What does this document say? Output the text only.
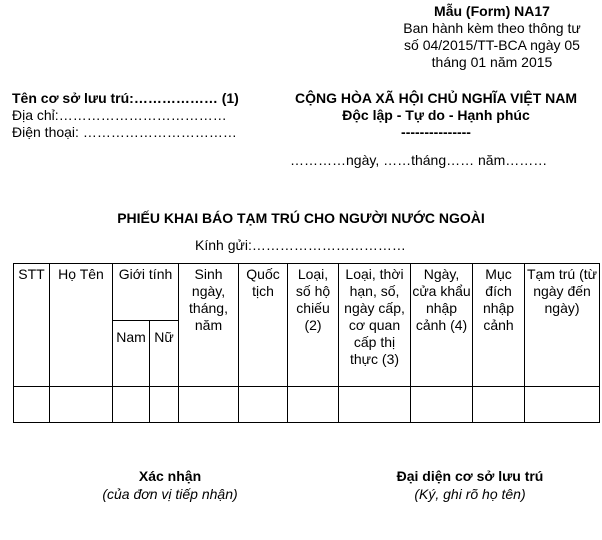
Mẫu (Form) NA17
Ban hành kèm theo thông tư
số 04/2015/TT-BCA ngày 05
tháng 01 năm 2015
Tên cơ sở lưu trú:……………… (1)
Địa chỉ:………………………………
Điện thoại: ……………………………
CỘNG HÒA XÃ HỘI CHỦ NGHĨA VIỆT NAM
Độc lập - Tự do - Hạnh phúc
---------------
…………ngày, ……tháng…… năm………
PHIẾU KHAI BÁO TẠM TRÚ CHO NGƯỜI NƯỚC NGOÀI
Kính gửi:……………………………
STT	Họ Tên	Giới tính		Sinh ngày, tháng, năm	Quốc tịch	Loại, số hộ chiếu (2)	Loại, thời hạn, số, ngày cấp, cơ quan cấp thị thực (3)	Ngày, cửa khẩu nhập cảnh (4)	Mục đích nhập cảnh	Tạm trú (từ ngày đến ngày)
		Nam	Nữ							

Xác nhận
(của đơn vị tiếp nhận)
Đại diện cơ sở lưu trú
(Ký, ghi rõ họ tên)
